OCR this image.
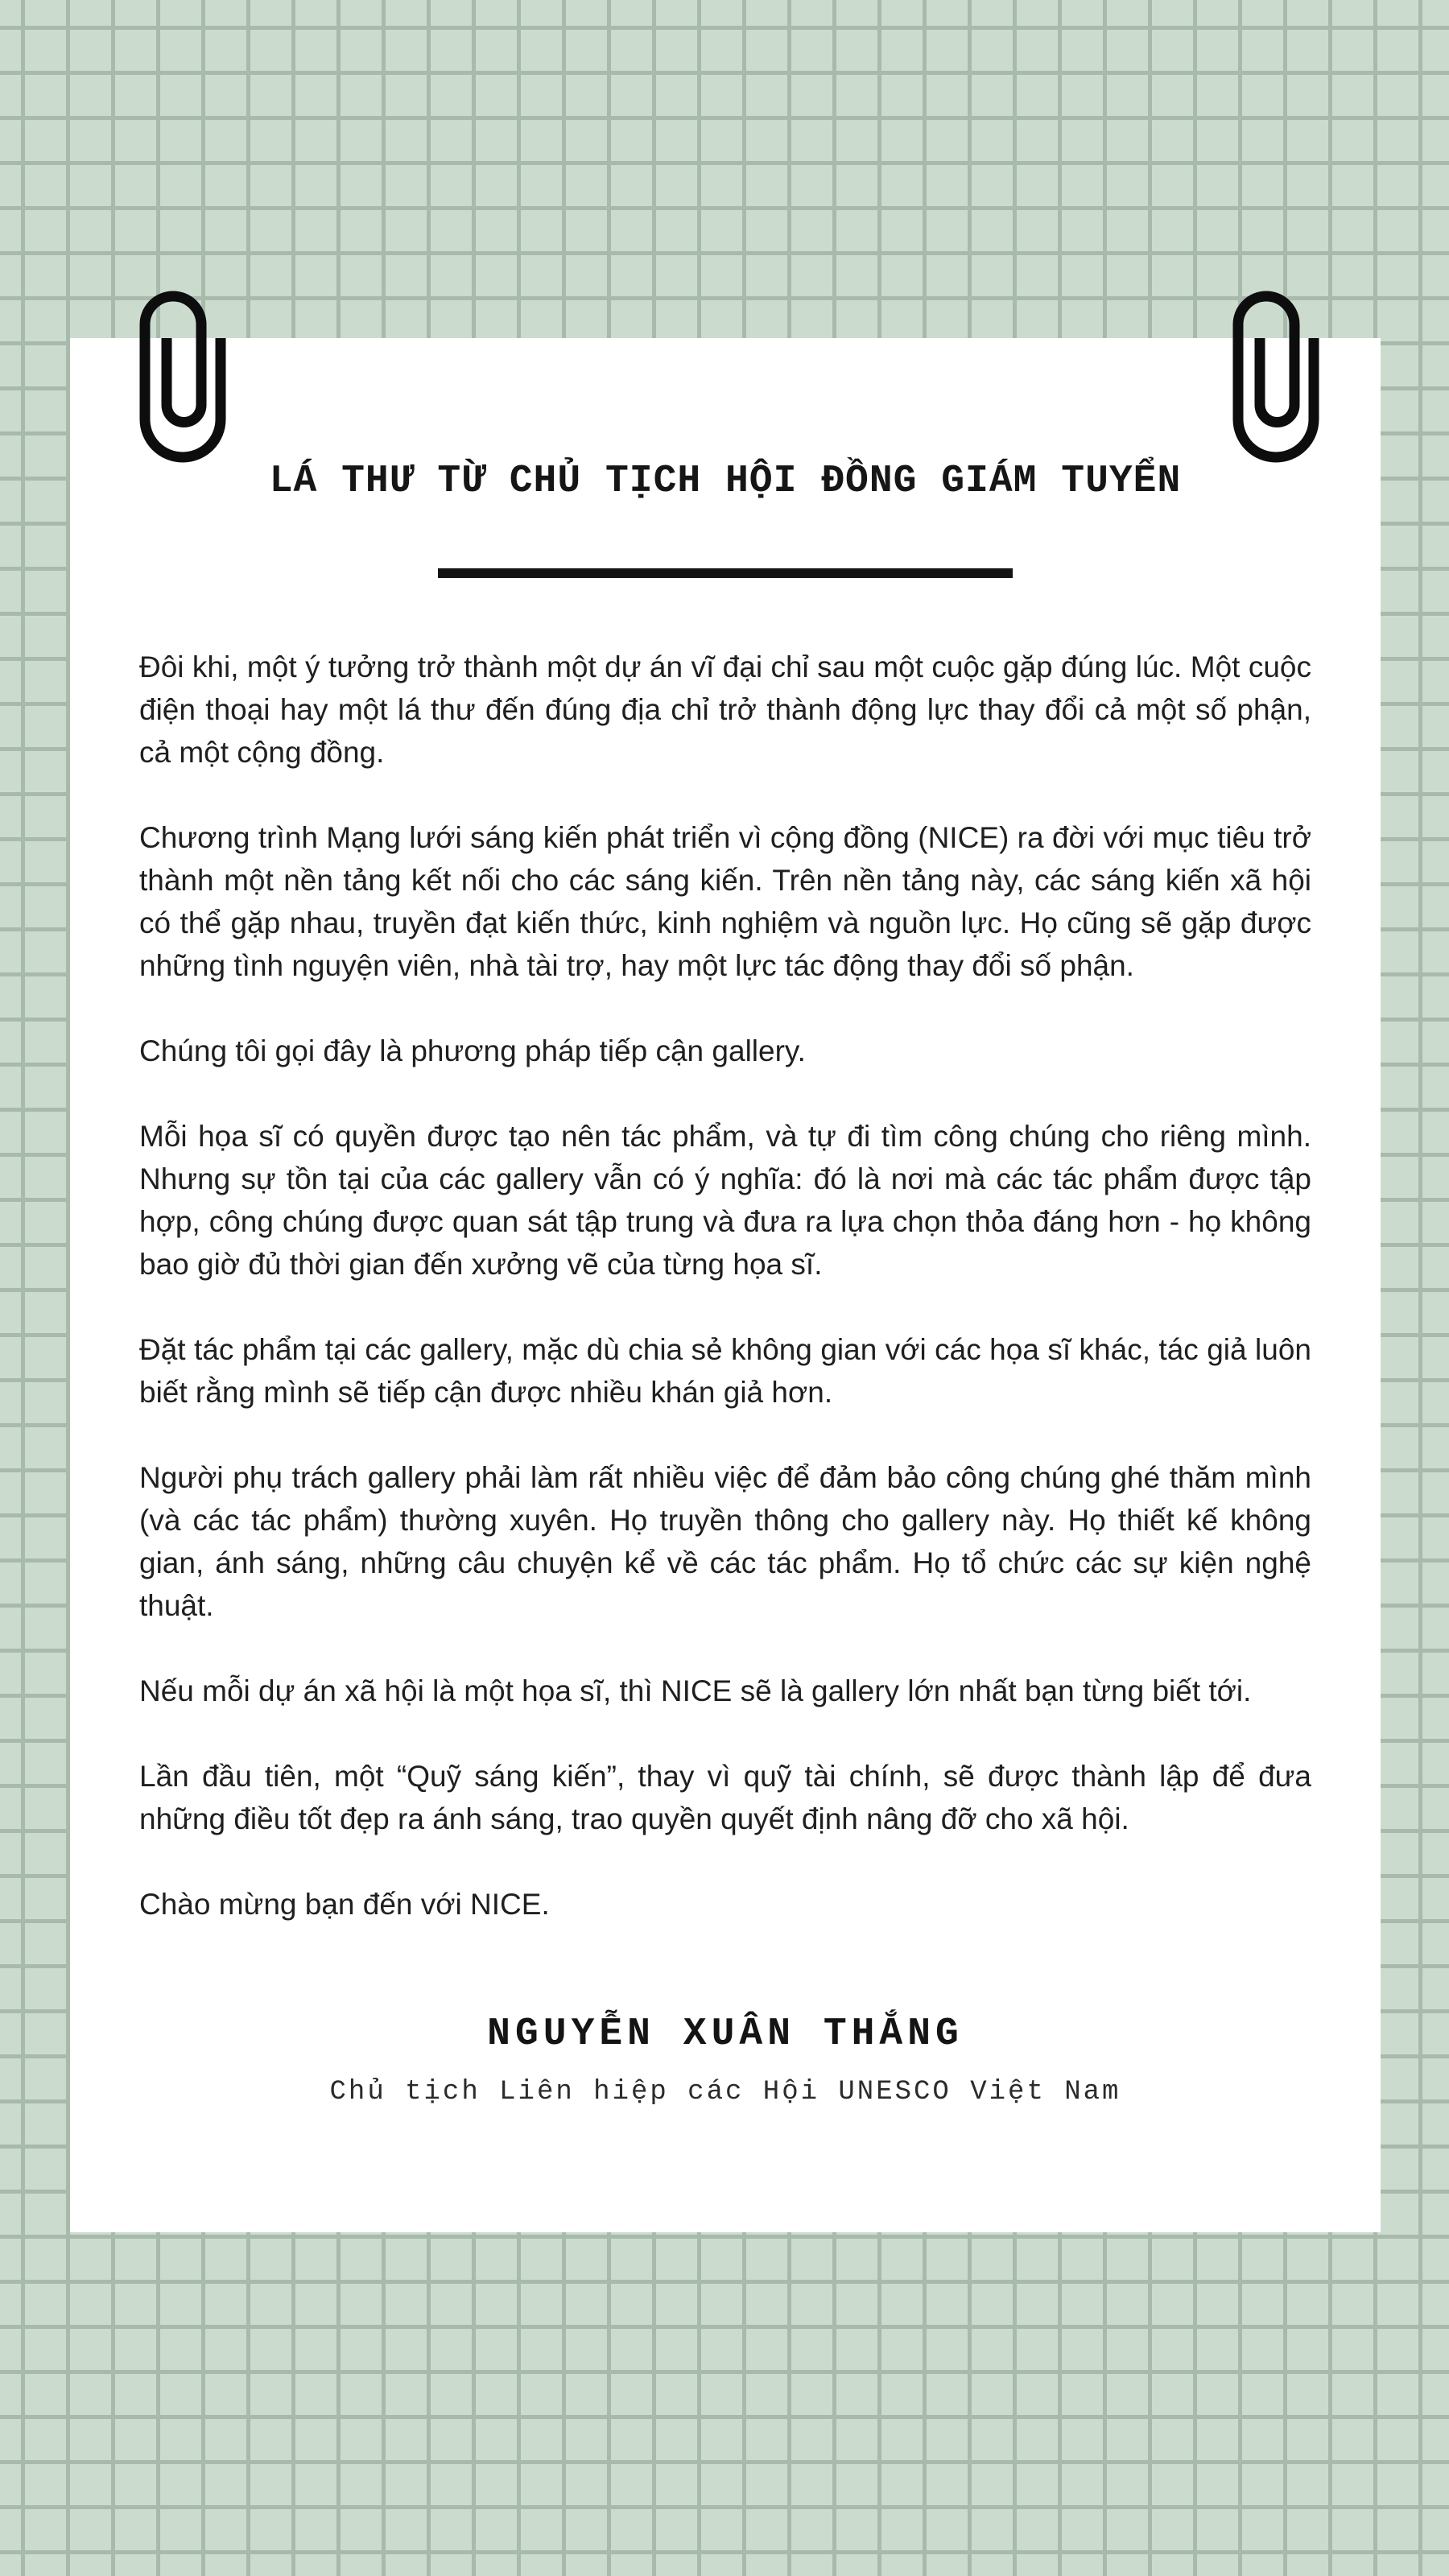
LÁ THƯ TỪ CHỦ TỊCH HỘI ĐỒNG GIÁM TUYỂN

Đôi khi, một ý tưởng trở thành một dự án vĩ đại chỉ sau một cuộc gặp đúng lúc. Một cuộc điện thoại hay một lá thư đến đúng địa chỉ trở thành động lực thay đổi cả một số phận, cả một cộng đồng.

Chương trình Mạng lưới sáng kiến phát triển vì cộng đồng (NICE) ra đời với mục tiêu trở thành một nền tảng kết nối cho các sáng kiến. Trên nền tảng này, các sáng kiến xã hội có thể gặp nhau, truyền đạt kiến thức, kinh nghiệm và nguồn lực. Họ cũng sẽ gặp được những tình nguyện viên, nhà tài trợ, hay một lực tác động thay đổi số phận.

Chúng tôi gọi đây là phương pháp tiếp cận gallery.

Mỗi họa sĩ có quyền được tạo nên tác phẩm, và tự đi tìm công chúng cho riêng mình. Nhưng sự tồn tại của các gallery vẫn có ý nghĩa: đó là nơi mà các tác phẩm được tập hợp, công chúng được quan sát tập trung và đưa ra lựa chọn thỏa đáng hơn - họ không bao giờ đủ thời gian đến xưởng vẽ của từng họa sĩ.

Đặt tác phẩm tại các gallery, mặc dù chia sẻ không gian với các họa sĩ khác, tác giả luôn biết rằng mình sẽ tiếp cận được nhiều khán giả hơn.

Người phụ trách gallery phải làm rất nhiều việc để đảm bảo công chúng ghé thăm mình (và các tác phẩm) thường xuyên. Họ truyền thông cho gallery này. Họ thiết kế không gian, ánh sáng, những câu chuyện kể về các tác phẩm. Họ tổ chức các sự kiện nghệ thuật.

Nếu mỗi dự án xã hội là một họa sĩ, thì NICE sẽ là gallery lớn nhất bạn từng biết tới.

Lần đầu tiên, một “Quỹ sáng kiến”, thay vì quỹ tài chính, sẽ được thành lập để đưa những điều tốt đẹp ra ánh sáng, trao quyền quyết định nâng đỡ cho xã hội.

Chào mừng bạn đến với NICE.

NGUYỄN XUÂN THẮNG
Chủ tịch Liên hiệp các Hội UNESCO Việt Nam
